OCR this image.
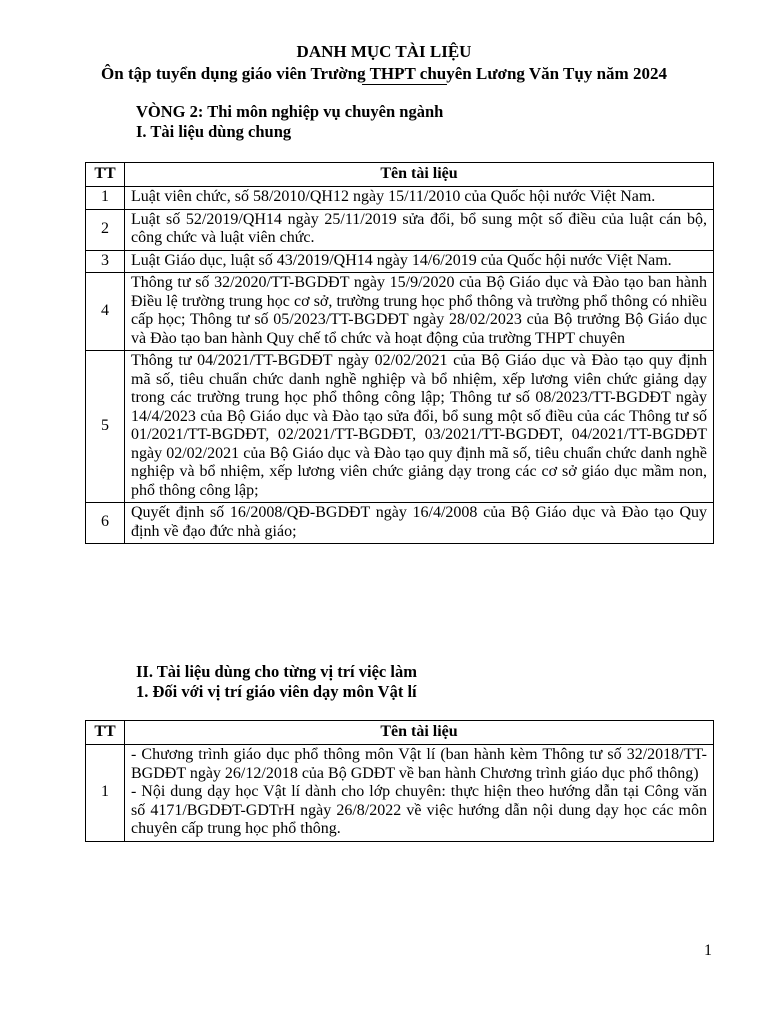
DANH MỤC TÀI LIỆU
Ôn tập tuyển dụng giáo viên Trường THPT chuyên Lương Văn Tụy năm 2024
VÒNG 2: Thi môn nghiệp vụ chuyên ngành
I. Tài liệu dùng chung
TT	Tên tài liệu
1	Luật viên chức, số 58/2010/QH12 ngày 15/11/2010 của Quốc hội nước Việt Nam.
2	Luật số 52/2019/QH14 ngày 25/11/2019 sửa đổi, bổ sung một số điều của luật cán bộ, công chức và luật viên chức.
3	Luật Giáo dục, luật số 43/2019/QH14 ngày 14/6/2019 của Quốc hội nước Việt Nam.
4	Thông tư số 32/2020/TT-BGDĐT ngày 15/9/2020 của Bộ Giáo dục và Đào tạo ban hành Điều lệ trường trung học cơ sở, trường trung học phổ thông và trường phổ thông có nhiều cấp học; Thông tư số 05/2023/TT-BGDĐT ngày 28/02/2023 của Bộ trưởng Bộ Giáo dục và Đào tạo ban hành Quy chế tổ chức và hoạt động của trường THPT chuyên
5	Thông tư 04/2021/TT-BGDĐT ngày 02/02/2021 của Bộ Giáo dục và Đào tạo quy định mã số, tiêu chuẩn chức danh nghề nghiệp và bổ nhiệm, xếp lương viên chức giảng dạy trong các trường trung học phổ thông công lập; Thông tư số 08/2023/TT-BGDĐT ngày 14/4/2023 của Bộ Giáo dục và Đào tạo sửa đổi, bổ sung một số điều của các Thông tư số 01/2021/TT-BGDĐT, 02/2021/TT-BGDĐT, 03/2021/TT-BGDĐT, 04/2021/TT-BGDĐT ngày 02/02/2021 của Bộ Giáo dục và Đào tạo quy định mã số, tiêu chuẩn chức danh nghề nghiệp và bổ nhiệm, xếp lương viên chức giảng dạy trong các cơ sở giáo dục mầm non, phổ thông công lập;
6	Quyết định số 16/2008/QĐ-BGDĐT ngày 16/4/2008 của Bộ Giáo dục và Đào tạo Quy định về đạo đức nhà giáo;
II. Tài liệu dùng cho từng vị trí việc làm
1. Đối với vị trí giáo viên dạy môn Vật lí
TT	Tên tài liệu
1	- Chương trình giáo dục phổ thông môn Vật lí (ban hành kèm Thông tư số 32/2018/TT-BGDĐT ngày 26/12/2018 của Bộ GDĐT về ban hành Chương trình giáo dục phổ thông)
- Nội dung dạy học Vật lí dành cho lớp chuyên: thực hiện theo hướng dẫn tại Công văn số 4171/BGDĐT-GDTrH ngày 26/8/2022 về việc hướng dẫn nội dung dạy học các môn chuyên cấp trung học phổ thông.
1
